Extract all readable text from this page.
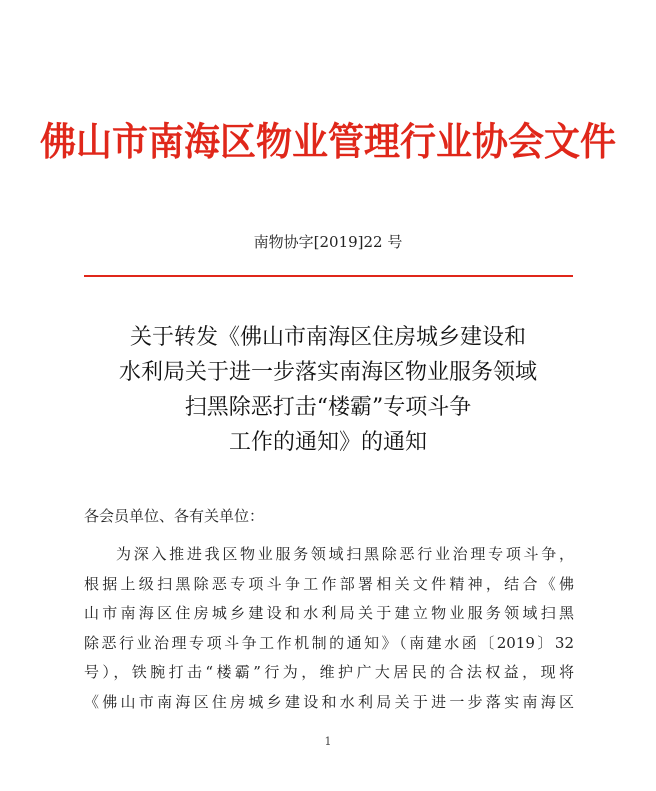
佛山市南海区物业管理行业协会文件
南物协字[2019]22 号
关于转发《佛山市南海区住房城乡建设和
水利局关于进一步落实南海区物业服务领域
扫黑除恶打击“楼霸”专项斗争
工作的通知》的通知
各会员单位、各有关单位：
为深入推进我区物业服务领域扫黑除恶行业治理专项斗争，
根据上级扫黑除恶专项斗争工作部署相关文件精神，结合《佛
山市南海区住房城乡建设和水利局关于建立物业服务领域扫黑
除恶行业治理专项斗争工作机制的通知》（南建水函〔2019〕32
号），铁腕打击“楼霸”行为，维护广大居民的合法权益，现将
《佛山市南海区住房城乡建设和水利局关于进一步落实南海区
1
